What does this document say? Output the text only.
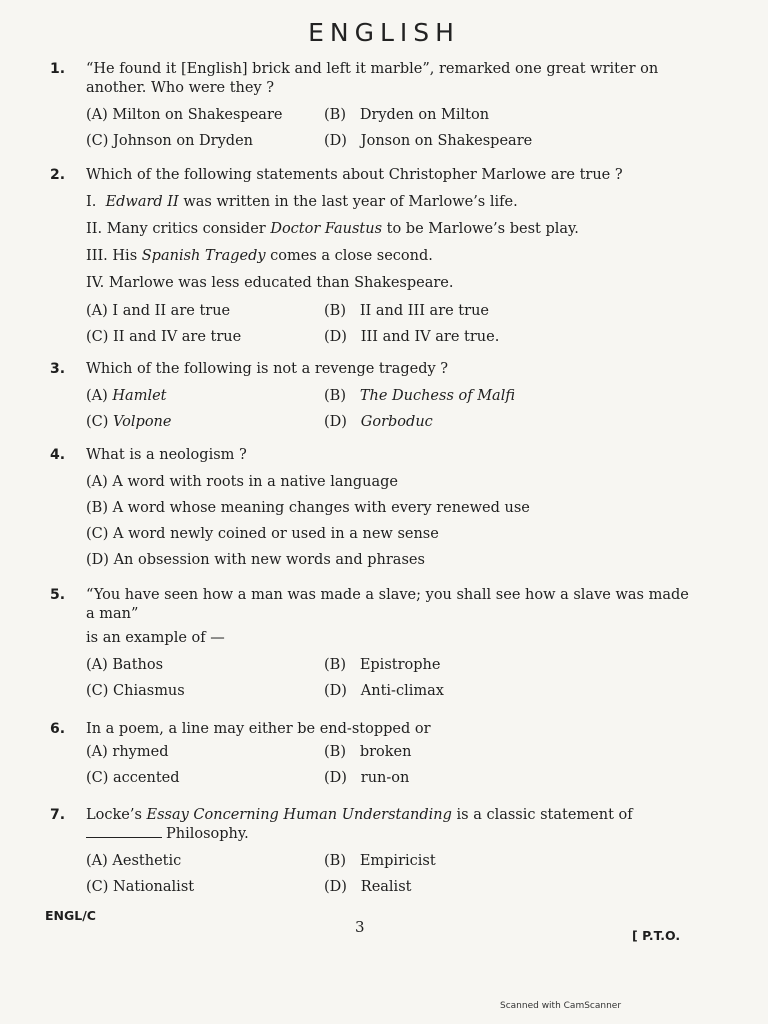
ENGLISH
1.	“He found it [English] brick and left it marble”, remarked one great writer on another. Who were they ?
(A) Milton on Shakespeare	(B) Dryden on Milton
(C) Johnson on Dryden	(D) Jonson on Shakespeare
2.	Which of the following statements about Christopher Marlowe are true ?
I. Edward II was written in the last year of Marlowe’s life.
II. Many critics consider Doctor Faustus to be Marlowe’s best play.
III. His Spanish Tragedy comes a close second.
IV. Marlowe was less educated than Shakespeare.
(A) I and II are true	(B) II and III are true
(C) II and IV are true	(D) III and IV are true.
3.	Which of the following is not a revenge tragedy ?
(A) Hamlet	(B) The Duchess of Malfi
(C) Volpone	(D) Gorboduc
4.	What is a neologism ?
(A)
A word with roots in a native language
(B)
A word whose meaning changes with every renewed use
(C)
A word newly coined or used in a new sense
(D)
An obsession with new words and phrases
5.	“You have seen how a man was made a slave; you shall see how a slave was made a man”
is an example of —
(A) Bathos	(B) Epistrophe
(C) Chiasmus	(D) Anti-climax
6.	In a poem, a line may either be end-stopped or
(A) rhymed	(B) broken
(C) accented	(D) run-on
7.	Locke’s Essay Concerning Human Understanding is a classic statement of
Philosophy.
(A) Aesthetic	(B) Empiricist
(C) Nationalist	(D) Realist
ENGL/C
3	[ P.T.O.
Scanned with CamScanner
